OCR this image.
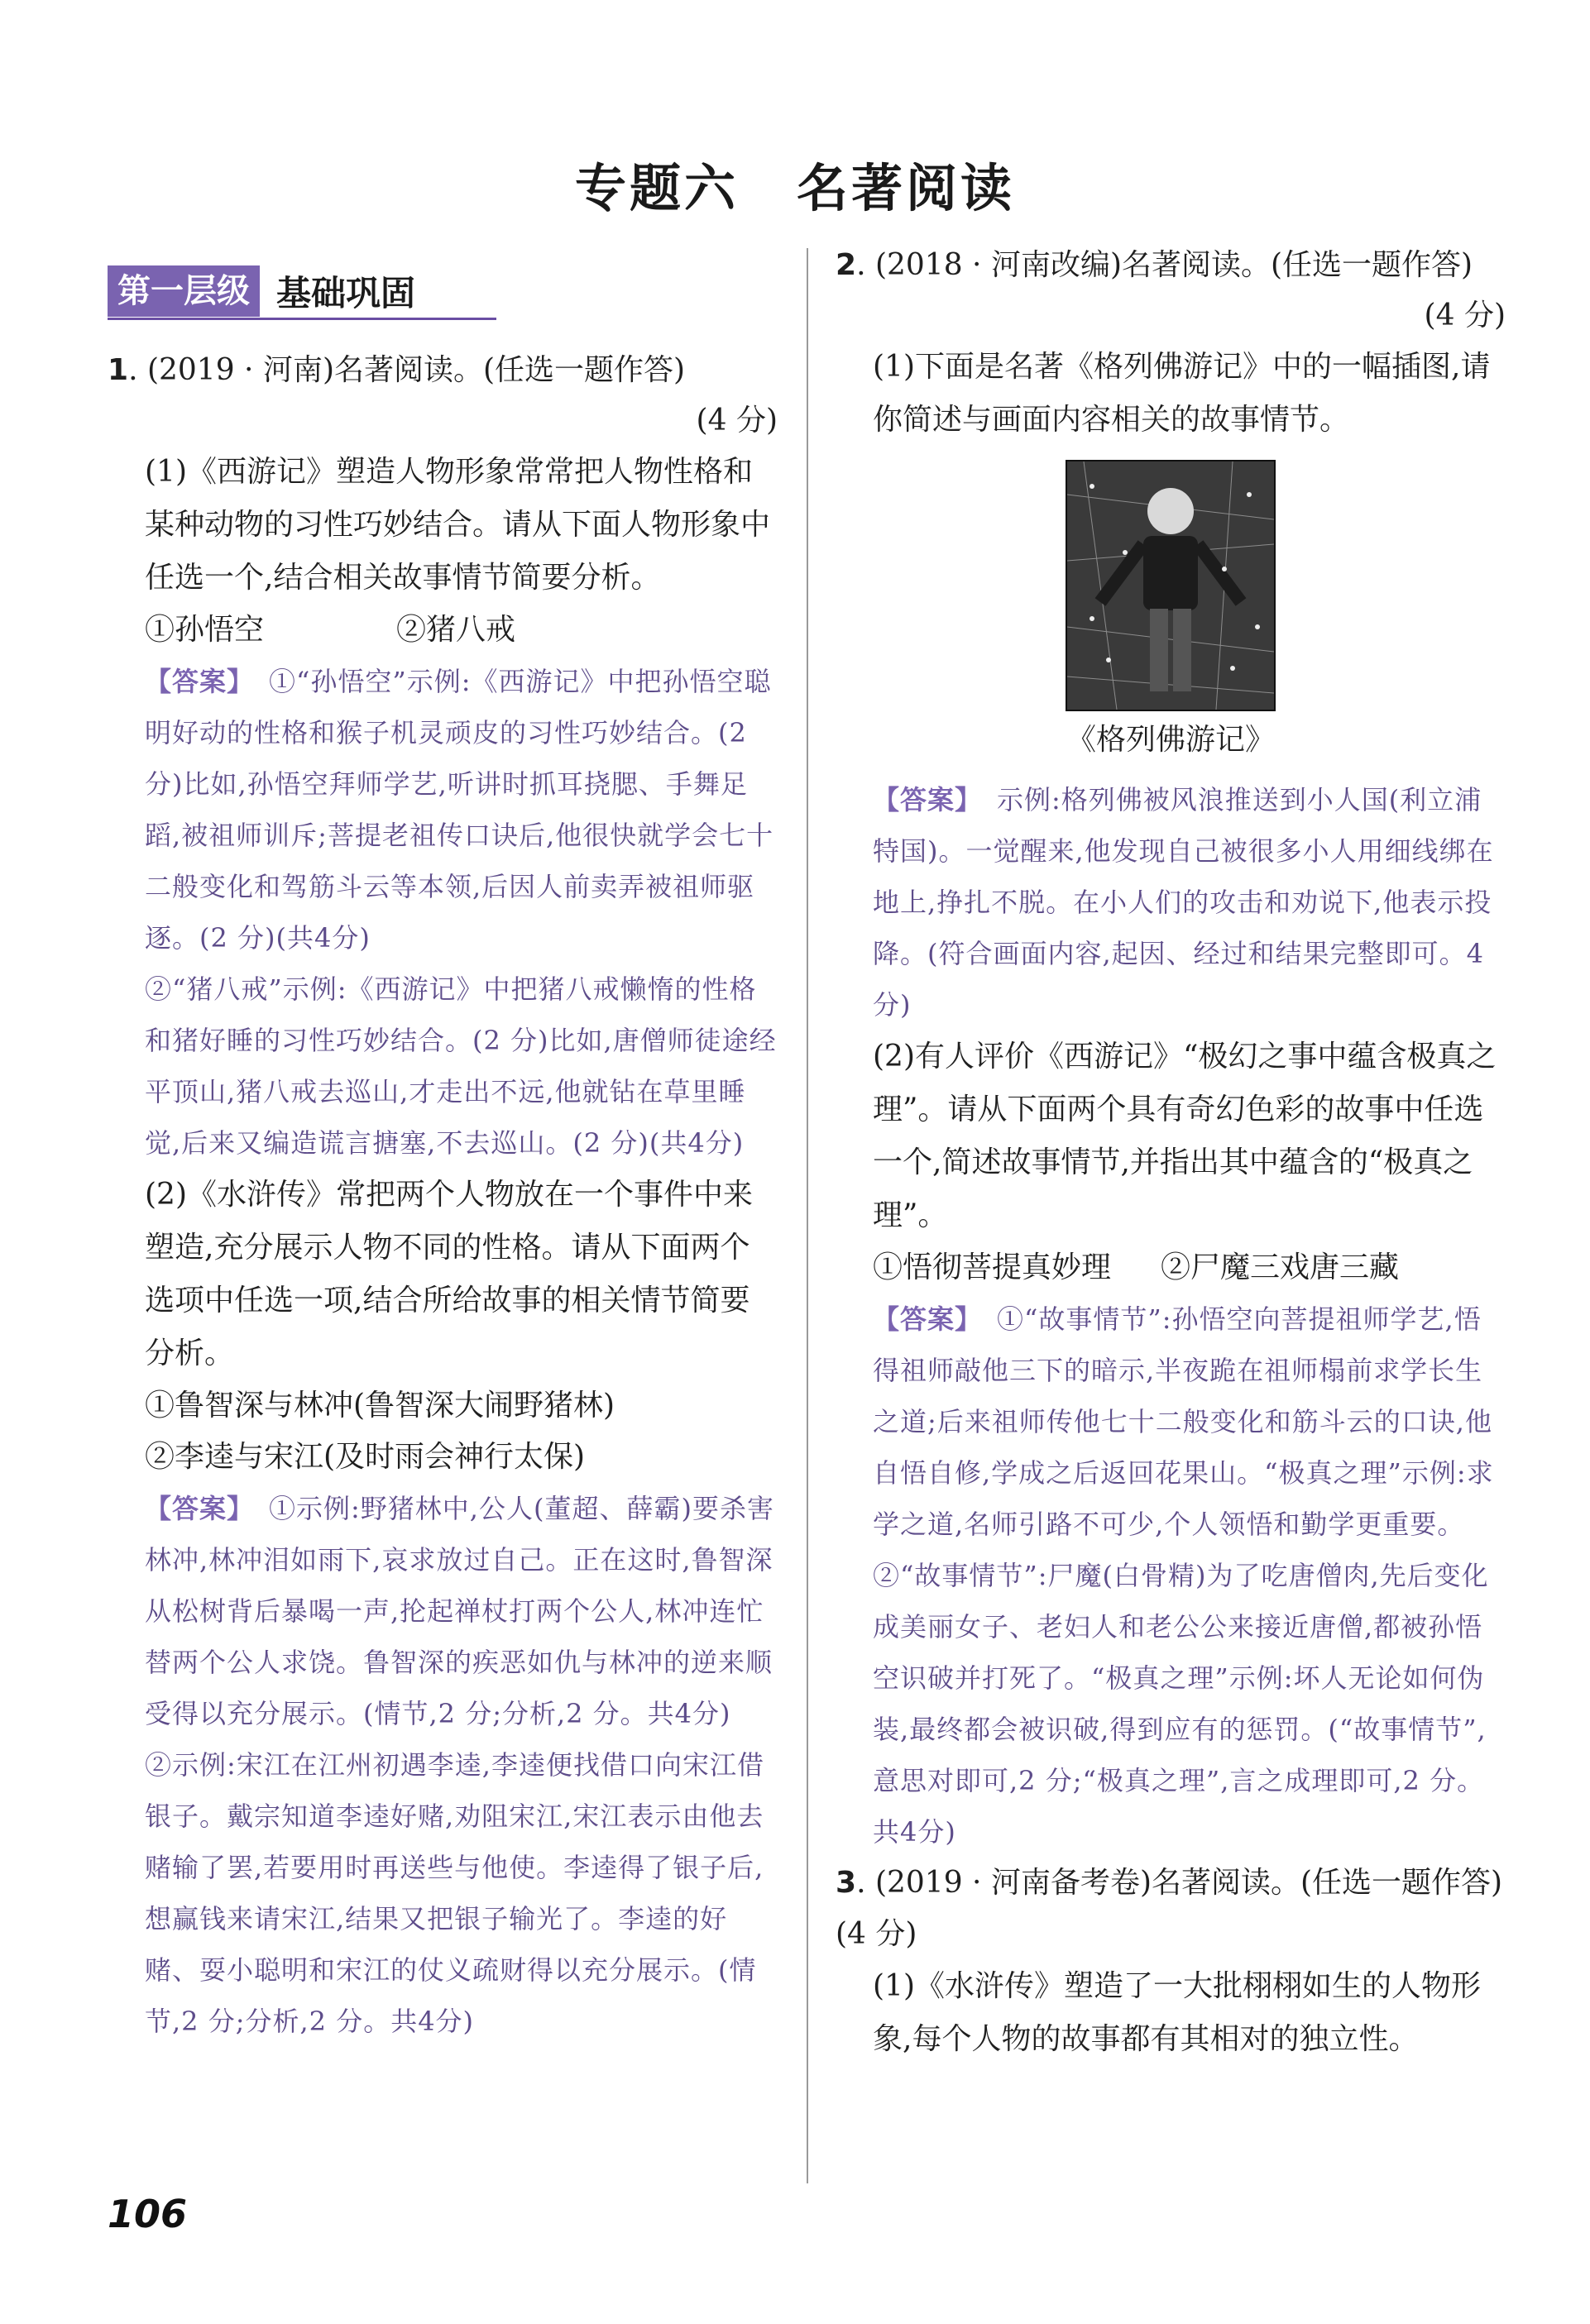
专题六 名著阅读
第一层级 基础巩固
1. (2019 · 河南)名著阅读。(任选一题作答)
(4 分)

(1)《西游记》塑造人物形象常常把人物性格和某种动物的习性巧妙结合。请从下面人物形象中任选一个,结合相关故事情节简要分析。

①孙悟空	②猪八戒

【答案】 ①“孙悟空”示例:《西游记》中把孙悟空聪明好动的性格和猴子机灵顽皮的习性巧妙结合。(2 分)比如,孙悟空拜师学艺,听讲时抓耳挠腮、手舞足蹈,被祖师训斥;菩提老祖传口诀后,他很快就学会七十二般变化和驾筋斗云等本领,后因人前卖弄被祖师驱逐。(2 分)(共4分)

②“猪八戒”示例:《西游记》中把猪八戒懒惰的性格和猪好睡的习性巧妙结合。(2 分)比如,唐僧师徒途经平顶山,猪八戒去巡山,才走出不远,他就钻在草里睡觉,后来又编造谎言搪塞,不去巡山。(2 分)(共4分)

(2)《水浒传》常把两个人物放在一个事件中来塑造,充分展示人物不同的性格。请从下面两个选项中任选一项,结合所给故事的相关情节简要分析。

①鲁智深与林冲(鲁智深大闹野猪林)
②李逵与宋江(及时雨会神行太保)

【答案】 ①示例:野猪林中,公人(董超、薛霸)要杀害林冲,林冲泪如雨下,哀求放过自己。正在这时,鲁智深从松树背后暴喝一声,抡起禅杖打两个公人,林冲连忙替两个公人求饶。鲁智深的疾恶如仇与林冲的逆来顺受得以充分展示。(情节,2 分;分析,2 分。共4分)

②示例:宋江在江州初遇李逵,李逵便找借口向宋江借银子。戴宗知道李逵好赌,劝阻宋江,宋江表示由他去赌输了罢,若要用时再送些与他使。李逵得了银子后,想赢钱来请宋江,结果又把银子输光了。李逵的好赌、耍小聪明和宋江的仗义疏财得以充分展示。(情节,2 分;分析,2 分。共4分)

2. (2018 · 河南改编)名著阅读。(任选一题作答)
(4 分)

(1)下面是名著《格列佛游记》中的一幅插图,请你简述与画面内容相关的故事情节。

《格列佛游记》

【答案】 示例:格列佛被风浪推送到小人国(利立浦特国)。一觉醒来,他发现自己被很多小人用细线绑在地上,挣扎不脱。在小人们的攻击和劝说下,他表示投降。(符合画面内容,起因、经过和结果完整即可。4 分)

(2)有人评价《西游记》“极幻之事中蕴含极真之理”。请从下面两个具有奇幻色彩的故事中任选一个,简述故事情节,并指出其中蕴含的“极真之理”。

①悟彻菩提真妙理 ②尸魔三戏唐三藏

【答案】 ①“故事情节”:孙悟空向菩提祖师学艺,悟得祖师敲他三下的暗示,半夜跪在祖师榻前求学长生之道;后来祖师传他七十二般变化和筋斗云的口诀,他自悟自修,学成之后返回花果山。“极真之理”示例:求学之道,名师引路不可少,个人领悟和勤学更重要。 ②“故事情节”:尸魔(白骨精)为了吃唐僧肉,先后变化成美丽女子、老妇人和老公公来接近唐僧,都被孙悟空识破并打死了。“极真之理”示例:坏人无论如何伪装,最终都会被识破,得到应有的惩罚。(“故事情节”,意思对即可,2 分;“极真之理”,言之成理即可,2 分。共4分)

3. (2019 · 河南备考卷)名著阅读。(任选一题作答)(4 分)

(1)《水浒传》塑造了一大批栩栩如生的人物形象,每个人物的故事都有其相对的独立性。

106
